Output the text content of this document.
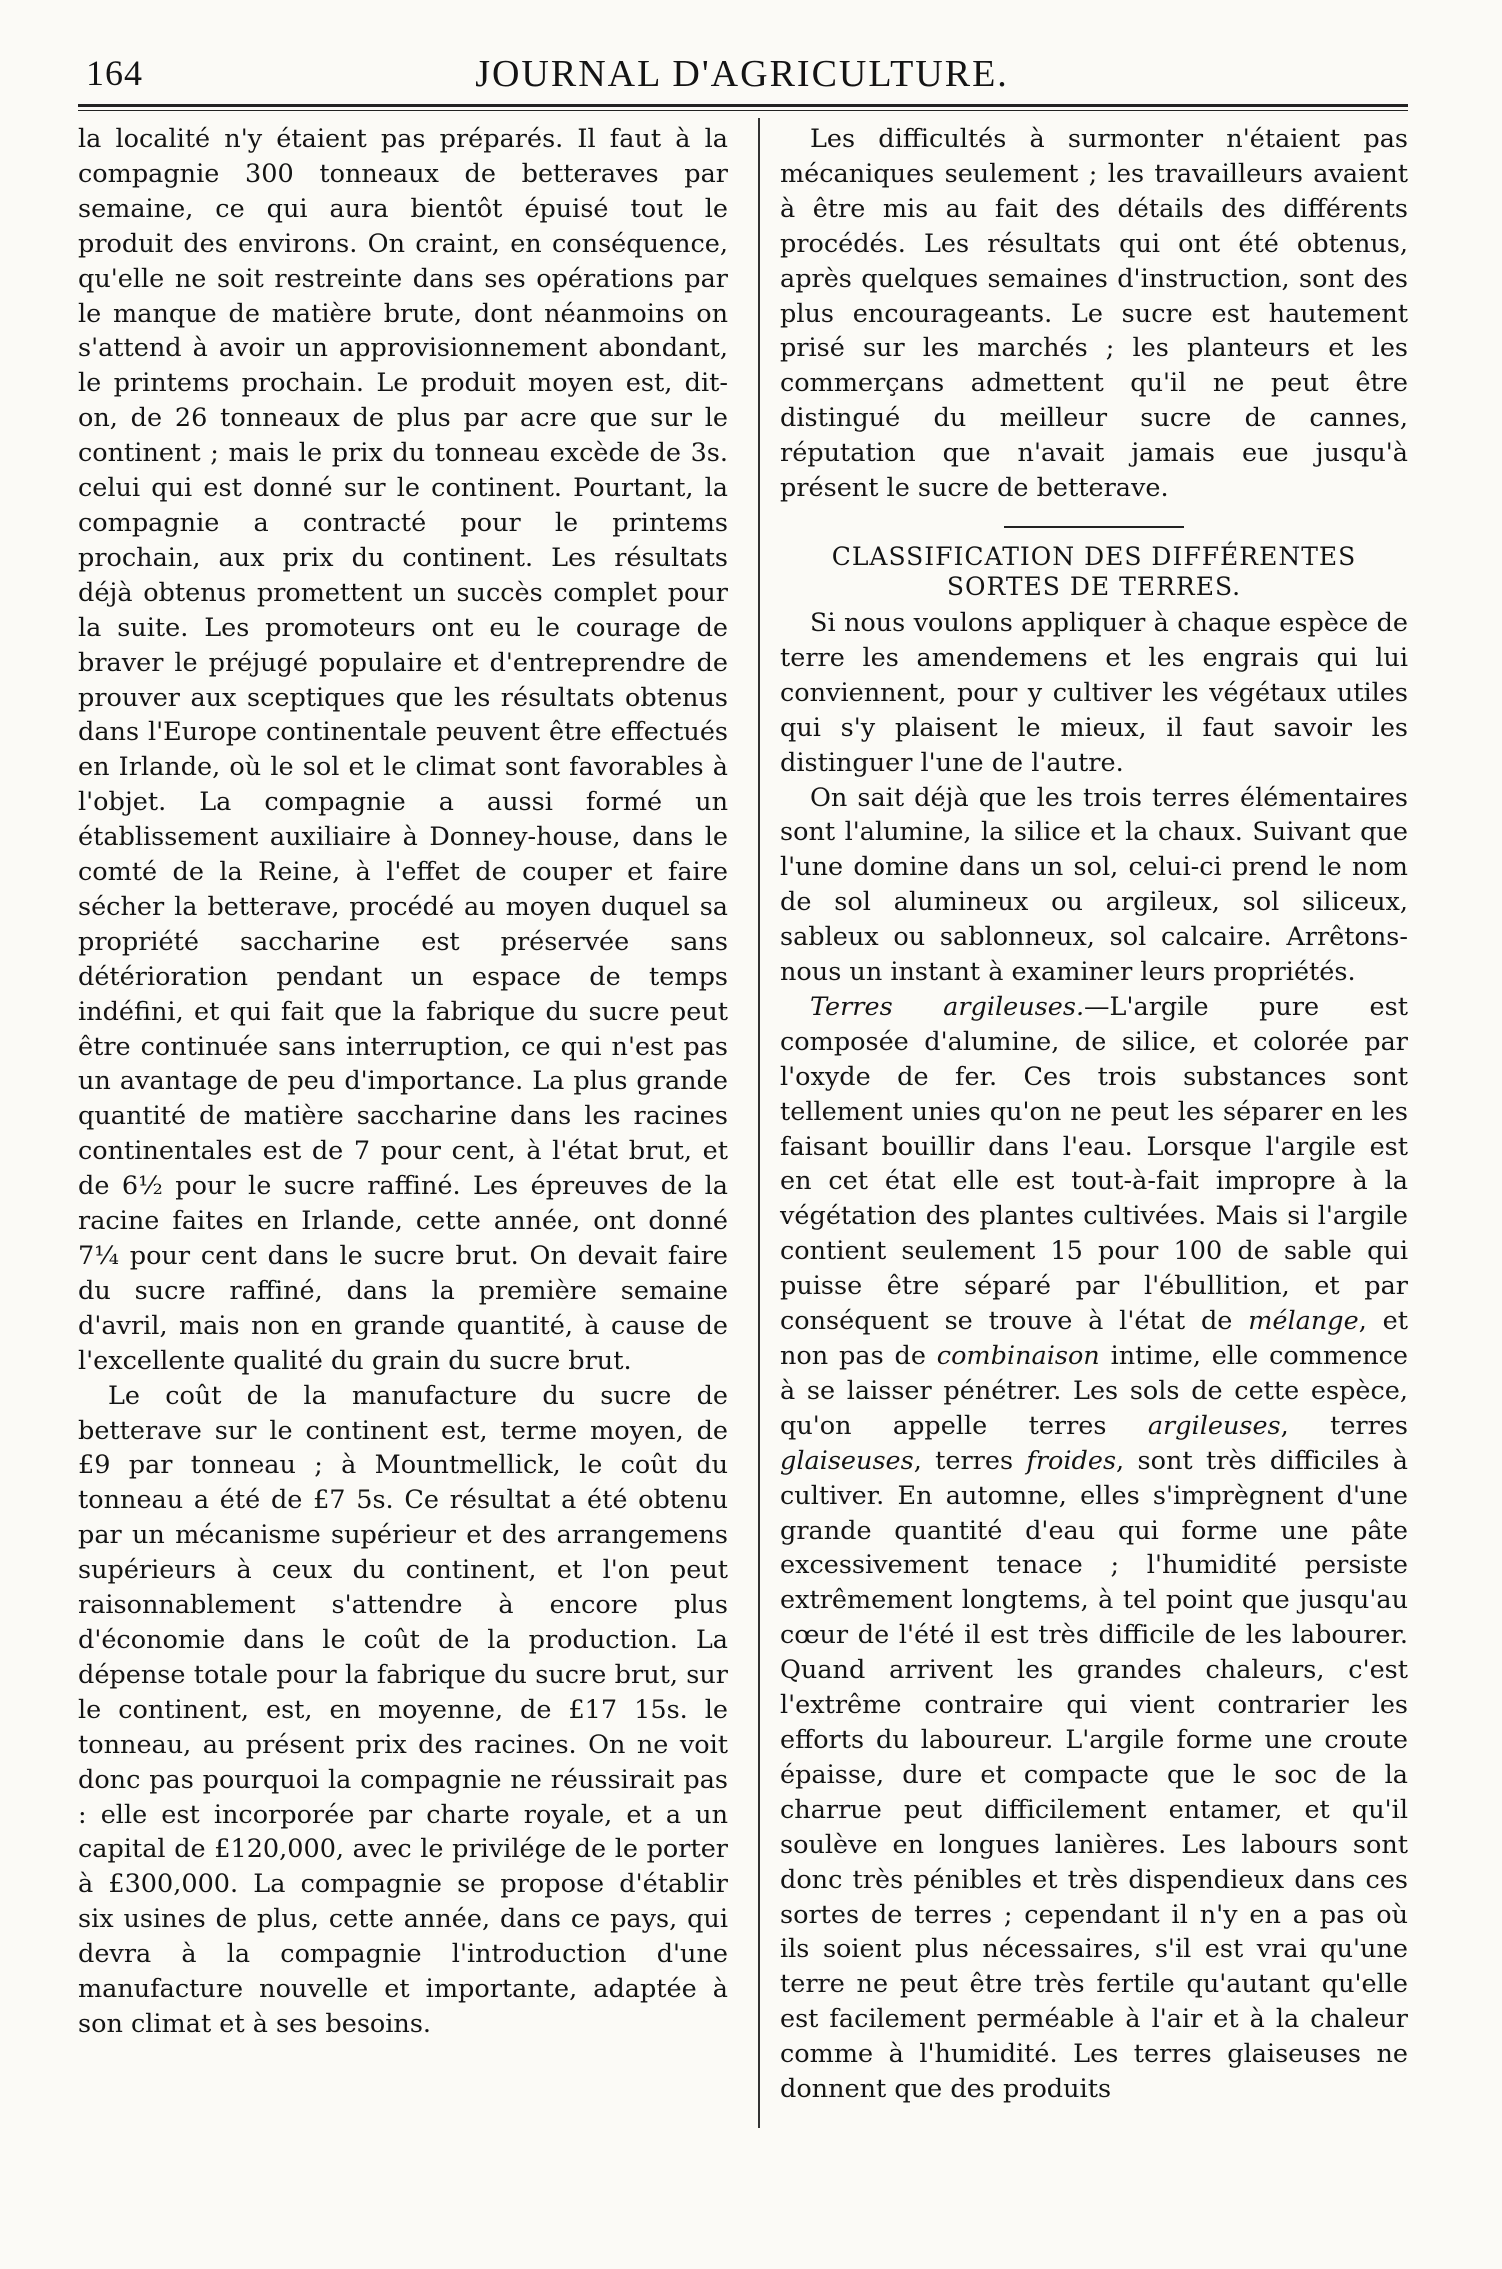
164	JOURNAL D'AGRICULTURE.

la localité n'y étaient pas préparés. Il faut à la compagnie 300 tonneaux de betteraves par semaine, ce qui aura bientôt épuisé tout le produit des environs. On craint, en conséquence, qu'elle ne soit restreinte dans ses opérations par le manque de matière brute, dont néanmoins on s'attend à avoir un approvisionnement abondant, le printems prochain. Le produit moyen est, dit-on, de 26 tonneaux de plus par acre que sur le continent ; mais le prix du tonneau excède de 3s. celui qui est donné sur le continent. Pourtant, la compagnie a contracté pour le printems prochain, aux prix du continent. Les résultats déjà obtenus promettent un succès complet pour la suite. Les promoteurs ont eu le courage de braver le préjugé populaire et d'entreprendre de prouver aux sceptiques que les résultats obtenus dans l'Europe continentale peuvent être effectués en Irlande, où le sol et le climat sont favorables à l'objet. La compagnie a aussi formé un établissement auxiliaire à Donney-house, dans le comté de la Reine, à l'effet de couper et faire sécher la betterave, procédé au moyen duquel sa propriété saccharine est préservée sans détérioration pendant un espace de temps indéfini, et qui fait que la fabrique du sucre peut être continuée sans interruption, ce qui n'est pas un avantage de peu d'importance. La plus grande quantité de matière saccharine dans les racines continentales est de 7 pour cent, à l'état brut, et de 6½ pour le sucre raffiné. Les épreuves de la racine faites en Irlande, cette année, ont donné 7¼ pour cent dans le sucre brut. On devait faire du sucre raffiné, dans la première semaine d'avril, mais non en grande quantité, à cause de l'excellente qualité du grain du sucre brut.

Le coût de la manufacture du sucre de betterave sur le continent est, terme moyen, de £9 par tonneau ; à Mountmellick, le coût du tonneau a été de £7 5s. Ce résultat a été obtenu par un mécanisme supérieur et des arrangemens supérieurs à ceux du continent, et l'on peut raisonnablement s'attendre à encore plus d'économie dans le coût de la production. La dépense totale pour la fabrique du sucre brut, sur le continent, est, en moyenne, de £17 15s. le tonneau, au présent prix des racines. On ne voit donc pas pourquoi la compagnie ne réussirait pas : elle est incorporée par charte royale, et a un capital de £120,000, avec le privilége de le porter à £300,000. La compagnie se propose d'établir six usines de plus, cette année, dans ce pays, qui devra à la compagnie l'introduction d'une manufacture nouvelle et importante, adaptée à son climat et à ses besoins.

Les difficultés à surmonter n'étaient pas mécaniques seulement ; les travailleurs avaient à être mis au fait des détails des différents procédés. Les résultats qui ont été obtenus, après quelques semaines d'instruction, sont des plus encourageants. Le sucre est hautement prisé sur les marchés ; les planteurs et les commerçans admettent qu'il ne peut être distingué du meilleur sucre de cannes, réputation que n'avait jamais eue jusqu'à présent le sucre de betterave.

CLASSIFICATION DES DIFFÉRENTES
SORTES DE TERRES.

Si nous voulons appliquer à chaque espèce de terre les amendemens et les engrais qui lui conviennent, pour y cultiver les végétaux utiles qui s'y plaisent le mieux, il faut savoir les distinguer l'une de l'autre.

On sait déjà que les trois terres élémentaires sont l'alumine, la silice et la chaux. Suivant que l'une domine dans un sol, celui-ci prend le nom de sol alumineux ou argileux, sol siliceux, sableux ou sablonneux, sol calcaire. Arrêtons-nous un instant à examiner leurs propriétés.

Terres argileuses.—L'argile pure est composée d'alumine, de silice, et colorée par l'oxyde de fer. Ces trois substances sont tellement unies qu'on ne peut les séparer en les faisant bouillir dans l'eau. Lorsque l'argile est en cet état elle est tout-à-fait impropre à la végétation des plantes cultivées. Mais si l'argile contient seulement 15 pour 100 de sable qui puisse être séparé par l'ébullition, et par conséquent se trouve à l'état de mélange, et non pas de combinaison intime, elle commence à se laisser pénétrer. Les sols de cette espèce, qu'on appelle terres argileuses, terres glaiseuses, terres froides, sont très difficiles à cultiver. En automne, elles s'imprègnent d'une grande quantité d'eau qui forme une pâte excessivement tenace ; l'humidité persiste extrêmement longtems, à tel point que jusqu'au cœur de l'été il est très difficile de les labourer. Quand arrivent les grandes chaleurs, c'est l'extrême contraire qui vient contrarier les efforts du laboureur. L'argile forme une croute épaisse, dure et compacte que le soc de la charrue peut difficilement entamer, et qu'il soulève en longues lanières. Les labours sont donc très pénibles et très dispendieux dans ces sortes de terres ; cependant il n'y en a pas où ils soient plus nécessaires, s'il est vrai qu'une terre ne peut être très fertile qu'autant qu'elle est facilement perméable à l'air et à la chaleur comme à l'humidité. Les terres glaiseuses ne donnent que des produits
